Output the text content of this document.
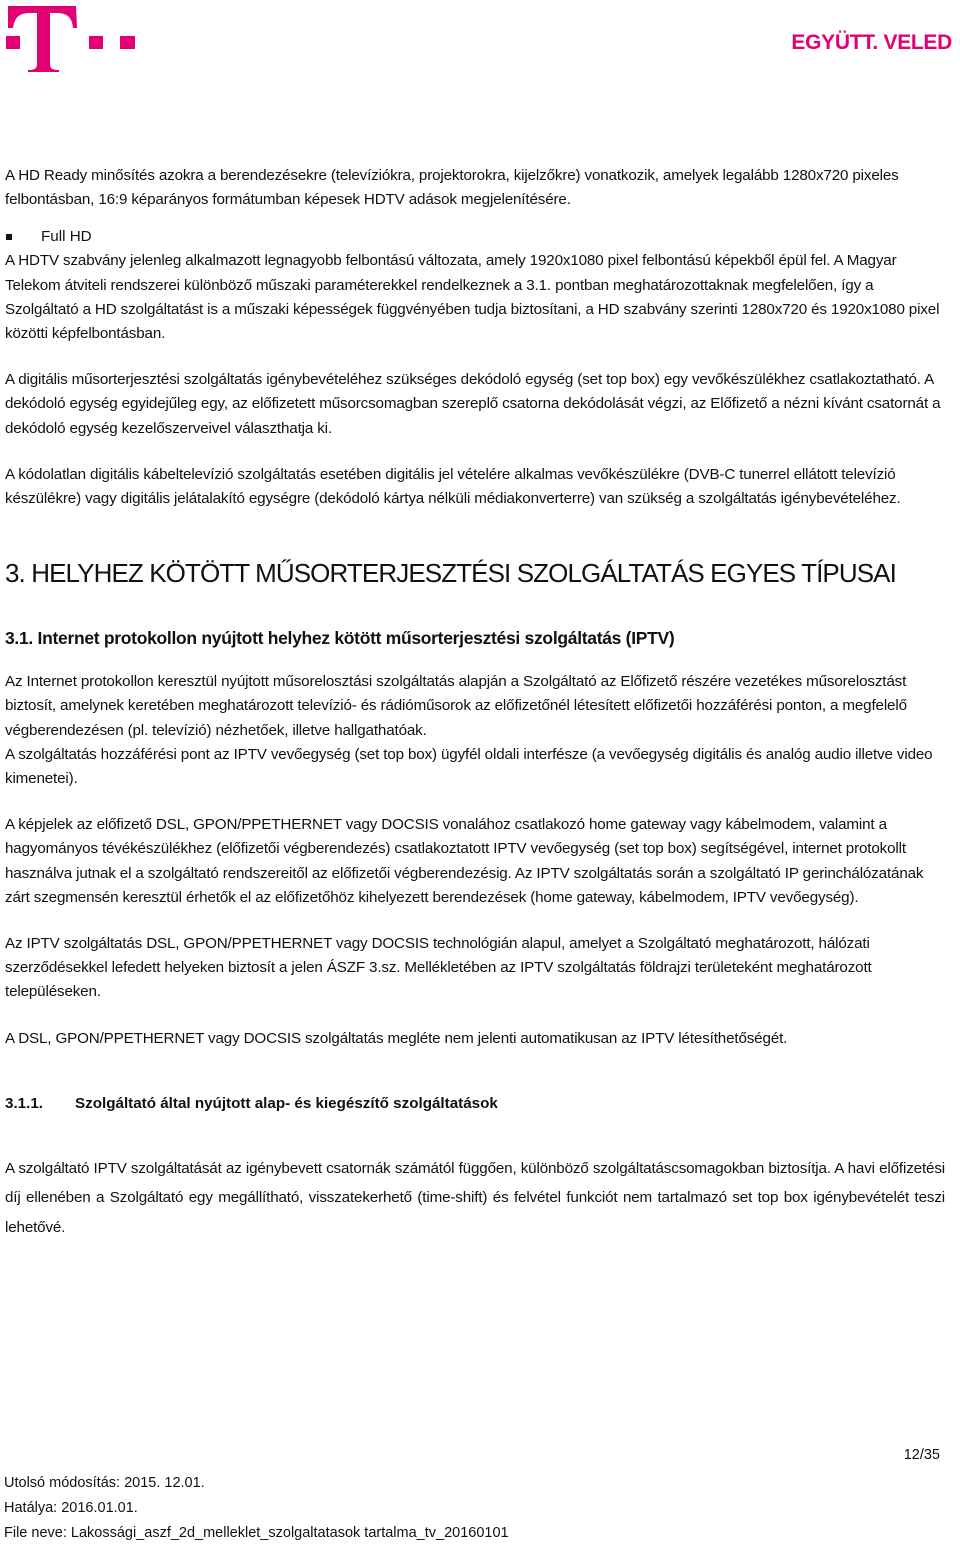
EGYÜTT. VELED

A HD Ready minősítés azokra a berendezésekre (televíziókra, projektorokra, kijelzőkre) vonatkozik, amelyek legalább 1280x720 pixeles felbontásban, 16:9 képarányos formátumban képesek HDTV adások megjelenítésére.

Full HD

A HDTV szabvány jelenleg alkalmazott legnagyobb felbontású változata, amely 1920x1080 pixel felbontású képekből épül fel. A Magyar Telekom átviteli rendszerei különböző műszaki paraméterekkel rendelkeznek a 3.1. pontban meghatározottaknak megfelelően, így a Szolgáltató a HD szolgáltatást is a műszaki képességek függvényében tudja biztosítani, a HD szabvány szerinti 1280x720 és 1920x1080 pixel közötti képfelbontásban.

A digitális műsorterjesztési szolgáltatás igénybevételéhez szükséges dekódoló egység (set top box) egy vevőkészülékhez csatlakoztatható. A dekódoló egység egyidejűleg egy, az előfizetett műsorcsomagban szereplő csatorna dekódolását végzi, az Előfizető a nézni kívánt csatornát a dekódoló egység kezelőszerveivel választhatja ki.

A kódolatlan digitális kábeltelevízió szolgáltatás esetében digitális jel vételére alkalmas vevőkészülékre (DVB-C tunerrel ellátott televízió készülékre) vagy digitális jelátalakító egységre (dekódoló kártya nélküli médiakonverterre) van szükség a szolgáltatás igénybevételéhez.

3. HELYHEZ KÖTÖTT MŰSORTERJESZTÉSI SZOLGÁLTATÁS EGYES TÍPUSAI
3.1. Internet protokollon nyújtott helyhez kötött műsorterjesztési szolgáltatás (IPTV)

Az Internet protokollon keresztül nyújtott műsorelosztási szolgáltatás alapján a Szolgáltató az Előfizető részére vezetékes műsorelosztást biztosít, amelynek keretében meghatározott televízió- és rádióműsorok az előfizetőnél létesített előfizetői hozzáférési ponton, a megfelelő végberendezésen (pl. televízió) nézhetőek, illetve hallgathatóak.

A szolgáltatás hozzáférési pont az IPTV vevőegység (set top box) ügyfél oldali interfésze (a vevőegység digitális és analóg audio illetve video kimenetei).

A képjelek az előfizető DSL, GPON/PPETHERNET vagy DOCSIS vonalához csatlakozó home gateway vagy kábelmodem, valamint a hagyományos tévékészülékhez (előfizetői végberendezés) csatlakoztatott IPTV vevőegység (set top box) segítségével, internet protokollt használva jutnak el a szolgáltató rendszereitől az előfizetői végberendezésig. Az IPTV szolgáltatás során a szolgáltató IP gerinchálózatának zárt szegmensén keresztül érhetők el az előfizetőhöz kihelyezett berendezések (home gateway, kábelmodem, IPTV vevőegység).

Az IPTV szolgáltatás DSL, GPON/PPETHERNET vagy DOCSIS technológián alapul, amelyet a Szolgáltató meghatározott, hálózati szerződésekkel lefedett helyeken biztosít a jelen ÁSZF 3.sz. Mellékletében az IPTV szolgáltatás földrajzi területeként meghatározott településeken.

A DSL, GPON/PPETHERNET vagy DOCSIS szolgáltatás megléte nem jelenti automatikusan az IPTV létesíthetőségét.

3.1.1.	Szolgáltató által nyújtott alap- és kiegészítő szolgáltatások

A szolgáltató IPTV szolgáltatását az igénybevett csatornák számától függően, különböző szolgáltatáscsomagokban biztosítja. A havi előfizetési díj ellenében a Szolgáltató egy megállítható, visszatekerhető (time-shift) és felvétel funkciót nem tartalmazó set top box igénybevételét teszi lehetővé.

12/35
Utolsó módosítás: 2015. 12.01.
Hatálya: 2016.01.01.
File neve: Lakossági_aszf_2d_melleklet_szolgaltatasok tartalma_tv_20160101
